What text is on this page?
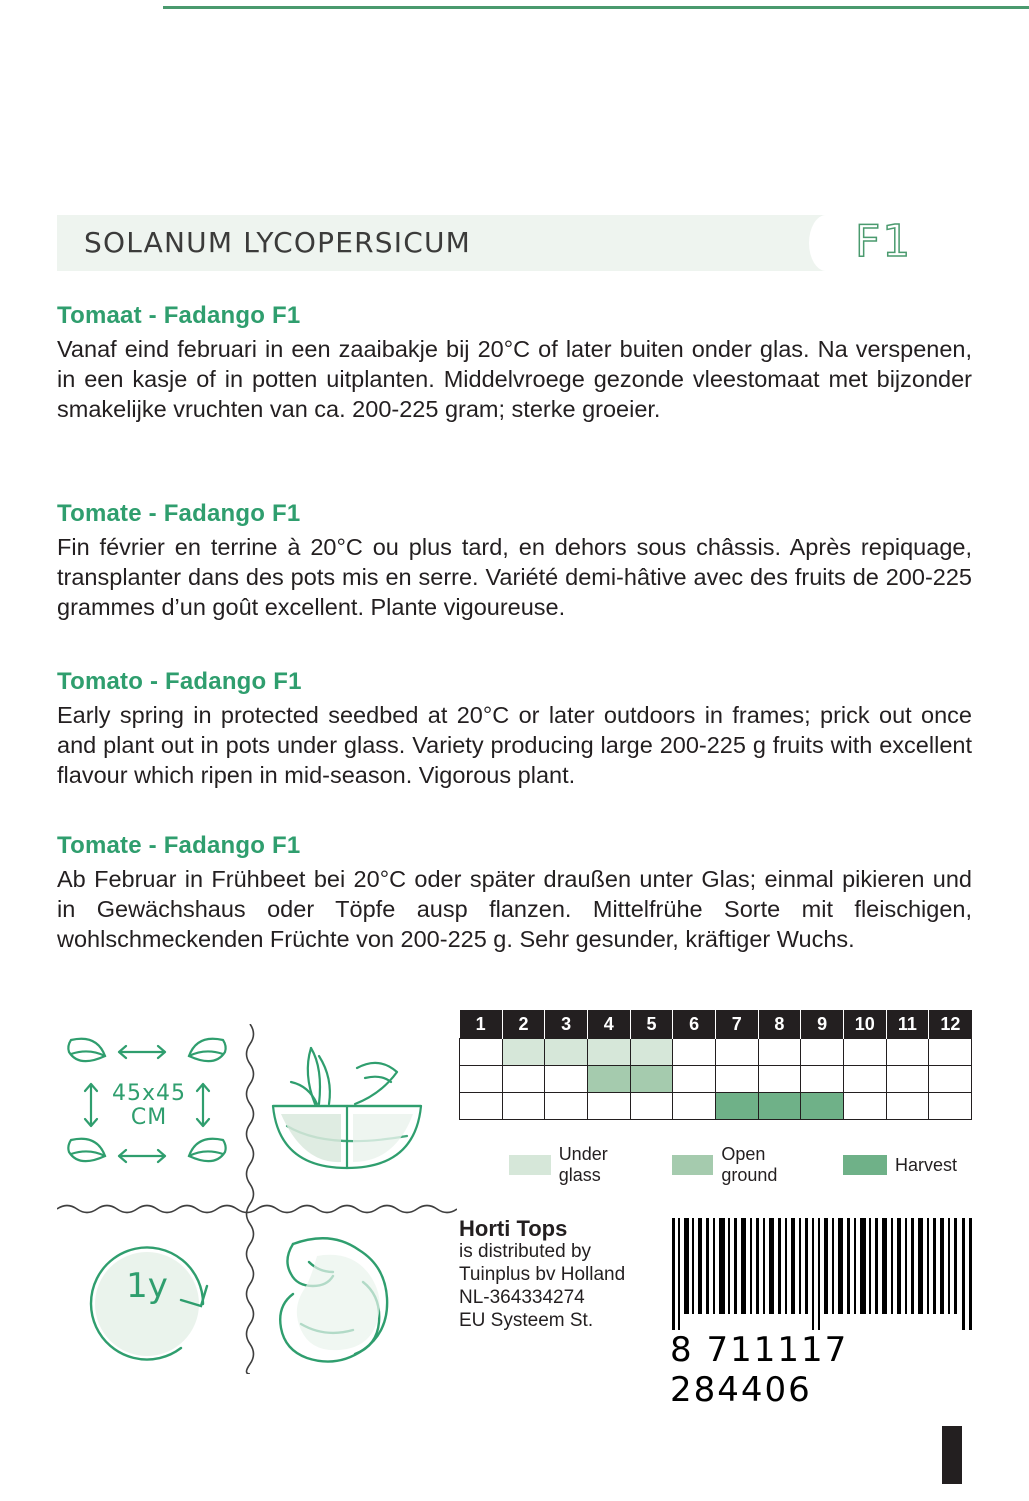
SOLANUM LYCOPERSICUM	F1

Tomaat - Fadango F1

Vanaf eind februari in een zaaibakje bij 20°C of later buiten onder glas. Na verspenen, in een kasje of in potten uitplanten. Middelvroege gezonde vleestomaat met bijzonder smakelijke vruchten van ca. 200-225 gram; sterke groeier.

Tomate - Fadango F1

Fin février en terrine à 20°C ou plus tard, en dehors sous châssis. Après repiquage, transplanter dans des pots mis en serre. Variété demi-hâtive avec des fruits de 200-225 grammes d’un goût excellent. Plante vigoureuse.

Tomato - Fadango F1

Early spring in protected seedbed at 20°C or later outdoors in frames; prick out once and plant out in pots under glass. Variety producing large 200-225 g fruits with excellent flavour which ripen in mid-season. Vigorous plant.

Tomate - Fadango F1

Ab Februar in Frühbeet bei 20°C oder später draußen unter Glas; einmal pikieren und in Gewächshaus oder Töpfe ausp flanzen. Mittelfrühe Sorte mit fleischigen, wohlschmeckenden Früchte von 200-225 g. Sehr gesunder, kräftiger Wuchs.

45x45
CM
1y
1	2	3	4	5	6	7	8	9	10	11	12

Under glass
Open ground
Harvest
Horti Tops
is distributed by
Tuinplus bv Holland
NL-364334274
EU Systeem St.
8 711117 284406
